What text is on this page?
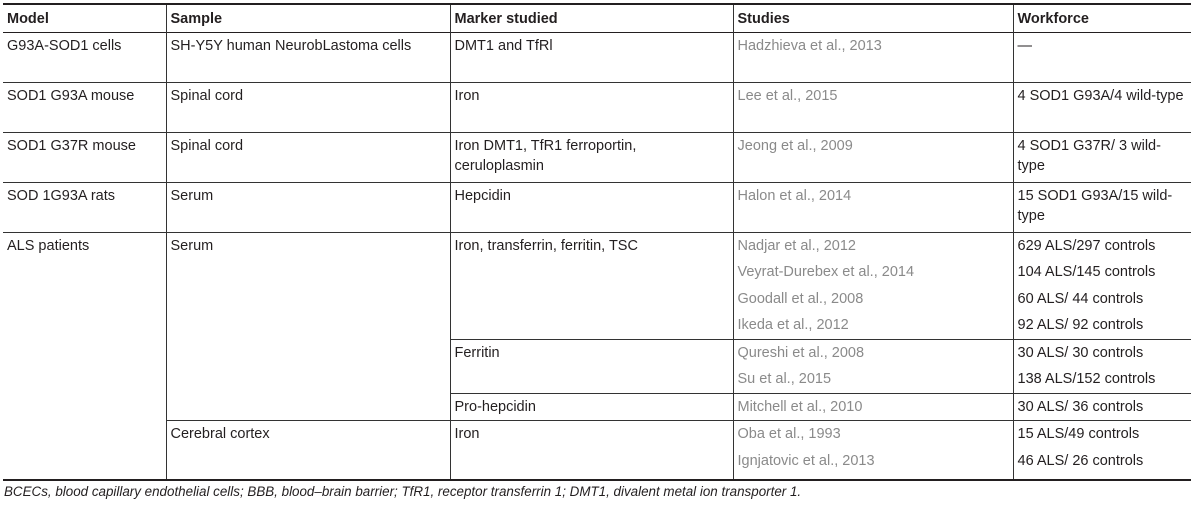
Model	Sample	Marker studied	Studies	Workforce
G93A-SOD1 cells	SH-Y5Y human NeurobLastoma cells	DMT1 and TfRl	Hadzhieva et al., 2013	—
SOD1 G93A mouse	Spinal cord	Iron	Lee et al., 2015	4 SOD1 G93A/4 wild-type
SOD1 G37R mouse	Spinal cord	Iron DMT1, TfR1 ferroportin, ceruloplasmin	Jeong et al., 2009	4 SOD1 G37R/ 3 wild-type
SOD 1G93A rats	Serum	Hepcidin	Halon et al., 2014	15 SOD1 G93A/15 wild-type
ALS patients	Serum	Iron, transferrin, ferritin, TSC	Nadjar et al., 2012	629 ALS/297 controls
			Veyrat-Durebex et al., 2014	104 ALS/145 controls
			Goodall et al., 2008	60 ALS/ 44 controls
			Ikeda et al., 2012	92 ALS/ 92 controls
		Ferritin	Qureshi et al., 2008	30 ALS/ 30 controls
			Su et al., 2015	138 ALS/152 controls
		Pro-hepcidin	Mitchell et al., 2010	30 ALS/ 36 controls
	Cerebral cortex	Iron	Oba et al., 1993	15 ALS/49 controls
			Ignjatovic et al., 2013	46 ALS/ 26 controls
BCECs, blood capillary endothelial cells; BBB, blood–brain barrier; TfR1, receptor transferrin 1; DMT1, divalent metal ion transporter 1.
